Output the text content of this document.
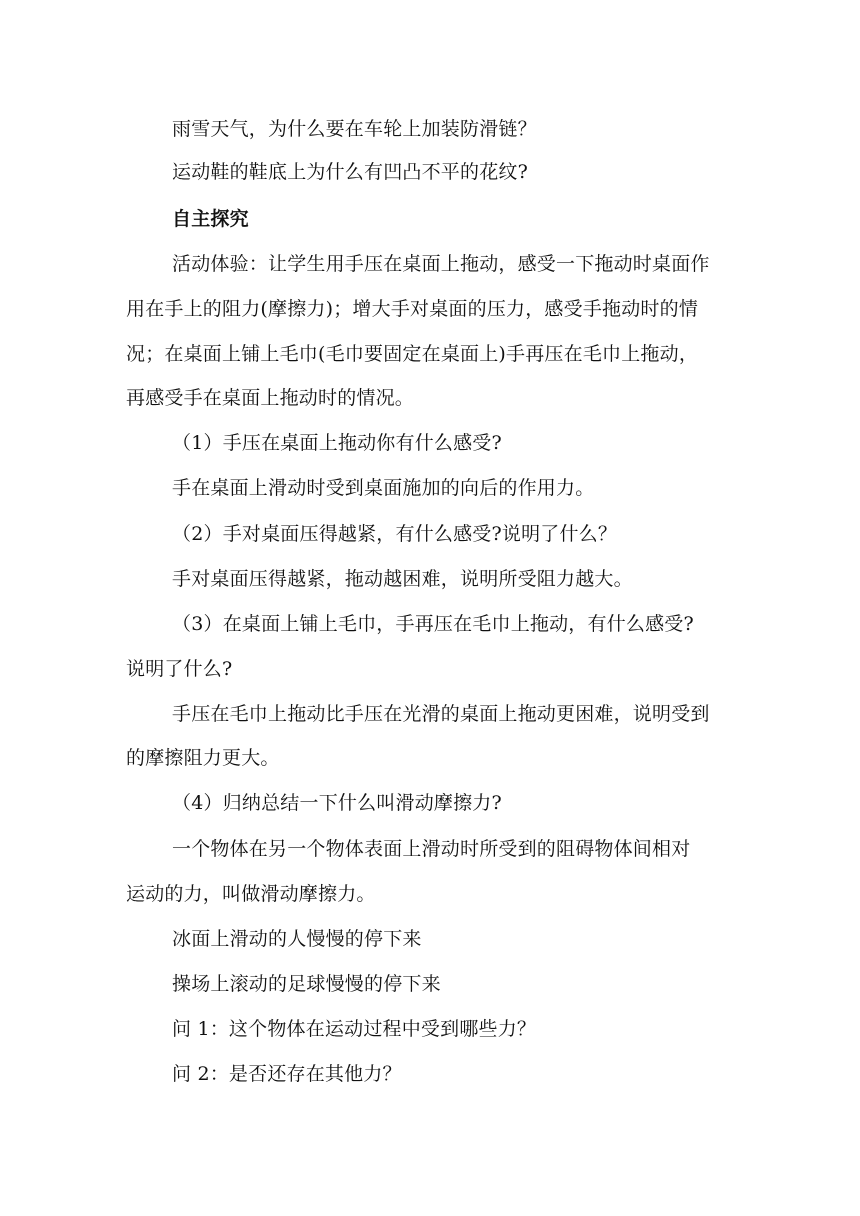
雨雪天气，为什么要在车轮上加装防滑链？
运动鞋的鞋底上为什么有凹凸不平的花纹?
自主探究
活动体验：让学生用手压在桌面上拖动，感受一下拖动时桌面作
用在手上的阻力(摩擦力)；增大手对桌面的压力，感受手拖动时的情
况；在桌面上铺上毛巾(毛巾要固定在桌面上)手再压在毛巾上拖动，
再感受手在桌面上拖动时的情况。
（1）手压在桌面上拖动你有什么感受?
手在桌面上滑动时受到桌面施加的向后的作用力。
（2）手对桌面压得越紧，有什么感受?说明了什么？
手对桌面压得越紧，拖动越困难，说明所受阻力越大。
（3）在桌面上铺上毛巾，手再压在毛巾上拖动，有什么感受?
说明了什么?
手压在毛巾上拖动比手压在光滑的桌面上拖动更困难，说明受到
的摩擦阻力更大。
（4）归纳总结一下什么叫滑动摩擦力?
一个物体在另一个物体表面上滑动时所受到的阻碍物体间相对
运动的力，叫做滑动摩擦力。
冰面上滑动的人慢慢的停下来
操场上滚动的足球慢慢的停下来
问 1：这个物体在运动过程中受到哪些力？
问 2：是否还存在其他力？
